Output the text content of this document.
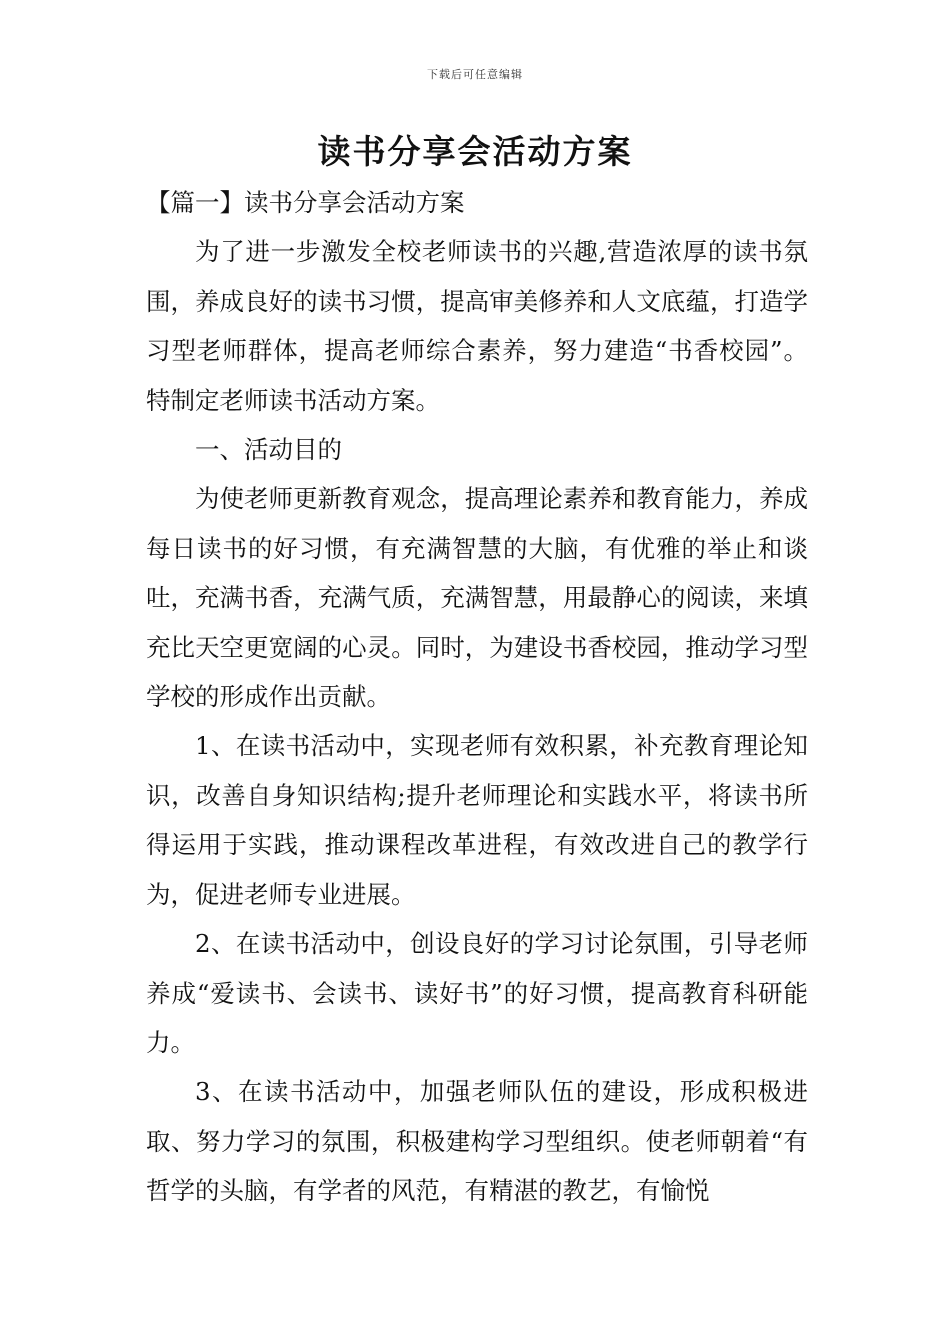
下载后可任意编辑
读书分享会活动方案

【篇一】读书分享会活动方案

为了进一步激发全校老师读书的兴趣,营造浓厚的读书氛围，养成良好的读书习惯，提高审美修养和人文底蕴，打造学习型老师群体，提高老师综合素养，努力建造“书香校园”。特制定老师读书活动方案。

一、活动目的

为使老师更新教育观念，提高理论素养和教育能力，养成每日读书的好习惯，有充满智慧的大脑，有优雅的举止和谈吐，充满书香，充满气质，充满智慧，用最静心的阅读，来填充比天空更宽阔的心灵。同时，为建设书香校园，推动学习型学校的形成作出贡献。

1、在读书活动中，实现老师有效积累，补充教育理论知识，改善自身知识结构;提升老师理论和实践水平，将读书所得运用于实践，推动课程改革进程，有效改进自己的教学行为，促进老师专业进展。

2、在读书活动中，创设良好的学习讨论氛围，引导老师养成“爱读书、会读书、读好书”的好习惯，提高教育科研能力。

3、在读书活动中，加强老师队伍的建设，形成积极进取、努力学习的氛围，积极建构学习型组织。使老师朝着“有哲学的头脑，有学者的风范，有精湛的教艺，有愉悦
